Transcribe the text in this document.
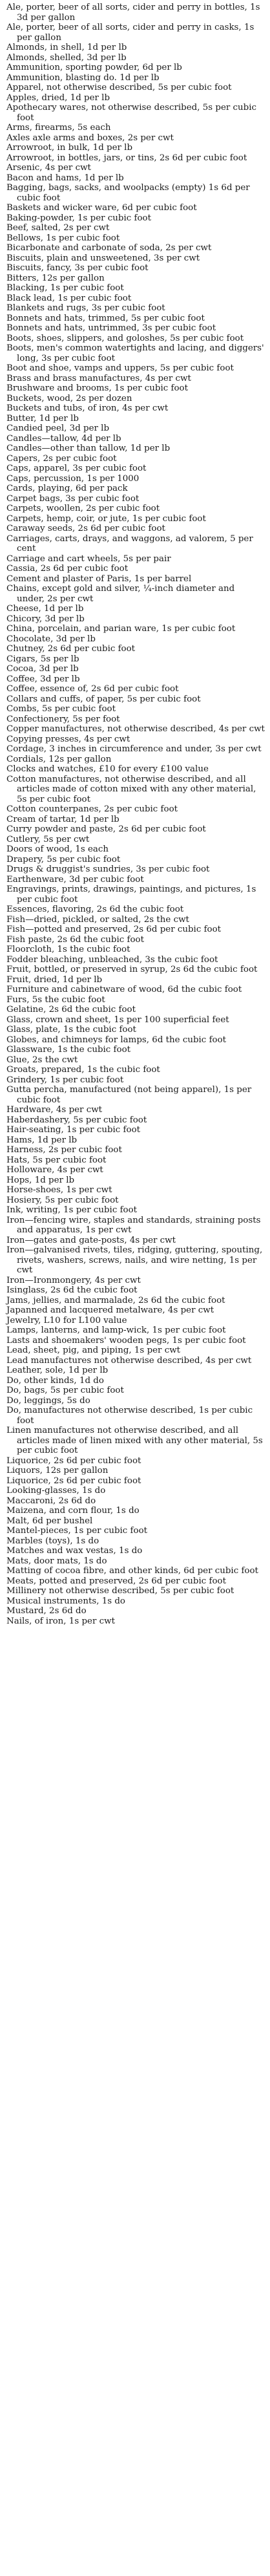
Ale, porter, beer of all sorts, cider and perry in bottles, 1s 3d per gallon

Ale, porter, beer of all sorts, cider and perry in casks, 1s per gallon

Almonds, in shell, 1d per lb

Almonds, shelled, 3d per lb

Ammunition, sporting powder, 6d per lb

Ammunition, blasting do. 1d per lb

Apparel, not otherwise described, 5s per cubic foot

Apples, dried, 1d per lb

Apothecary wares, not otherwise described, 5s per cubic foot

Arms, firearms, 5s each

Axles axle arms and boxes, 2s per cwt

Arrowroot, in bulk, 1d per lb

Arrowroot, in bottles, jars, or tins, 2s 6d per cubic foot

Arsenic, 4s per cwt

Bacon and hams, 1d per lb

Bagging, bags, sacks, and woolpacks (empty) 1s 6d per cubic foot

Baskets and wicker ware, 6d per cubic foot

Baking-powder, 1s per cubic foot

Beef, salted, 2s per cwt

Bellows, 1s per cubic foot

Bicarbonate and carbonate of soda, 2s per cwt

Biscuits, plain and unsweetened, 3s per cwt

Biscuits, fancy, 3s per cubic foot

Bitters, 12s per gallon

Blacking, 1s per cubic foot

Black lead, 1s per cubic foot

Blankets and rugs, 3s per cubic foot

Bonnets and hats, trimmed, 5s per cubic foot

Bonnets and hats, untrimmed, 3s per cubic foot

Boots, shoes, slippers, and goloshes, 5s per cubic foot

Boots, men's common watertights and lacing, and diggers' long, 3s per cubic foot

Boot and shoe, vamps and uppers, 5s per cubic foot

Brass and brass manufactures, 4s per cwt

Brushware and brooms, 1s per cubic foot

Buckets, wood, 2s per dozen

Buckets and tubs, of iron, 4s per cwt

Butter, 1d per lb

Candied peel, 3d per lb

Candles—tallow, 4d per lb

Candles—other than tallow, 1d per lb

Capers, 2s per cubic foot

Caps, apparel, 3s per cubic foot

Caps, percussion, 1s per 1000

Cards, playing, 6d per pack

Carpet bags, 3s per cubic foot

Carpets, woollen, 2s per cubic foot

Carpets, hemp, coir, or jute, 1s per cubic foot

Caraway seeds, 2s 6d per cubic foot

Carriages, carts, drays, and waggons, ad valorem, 5 per cent

Carriage and cart wheels, 5s per pair

Cassia, 2s 6d per cubic foot

Cement and plaster of Paris, 1s per barrel

Chains, except gold and silver, ¼-inch diameter and under, 2s per cwt

Cheese, 1d per lb

Chicory, 3d per lb

China, porcelain, and parian ware, 1s per cubic foot

Chocolate, 3d per lb

Chutney, 2s 6d per cubic foot

Cigars, 5s per lb

Cocoa, 3d per lb

Coffee, 3d per lb

Coffee, essence of, 2s 6d per cubic foot

Collars and cuffs, of paper, 5s per cubic foot

Combs, 5s per cubic foot

Confectionery, 5s per foot

Copper manufactures, not otherwise described, 4s per cwt

Copying presses, 4s per cwt

Cordage, 3 inches in circumference and under, 3s per cwt

Cordials, 12s per gallon

Clocks and watches, £10 for every £100 value

Cotton manufactures, not otherwise described, and all articles made of cotton mixed with any other material, 5s per cubic foot

Cotton counterpanes, 2s per cubic foot

Cream of tartar, 1d per lb

Curry powder and paste, 2s 6d per cubic foot

Cutlery, 5s per cwt

Doors of wood, 1s each

Drapery, 5s per cubic foot

Drugs & druggist's sundries, 3s per cubic foot

Earthenware, 3d per cubic foot

Engravings, prints, drawings, paintings, and pictures, 1s per cubic foot

Essences, flavoring, 2s 6d the cubic foot

Fish—dried, pickled, or salted, 2s the cwt

Fish—potted and preserved, 2s 6d per cubic foot

Fish paste, 2s 6d the cubic foot

Floorcloth, 1s the cubic foot

Fodder bleaching, unbleached, 3s the cubic foot

Fruit, bottled, or preserved in syrup, 2s 6d the cubic foot

Fruit, dried, 1d per lb

Furniture and cabinetware of wood, 6d the cubic foot

Furs, 5s the cubic foot

Gelatine, 2s 6d the cubic foot

Glass, crown and sheet, 1s per 100 superficial feet

Glass, plate, 1s the cubic foot

Globes, and chimneys for lamps, 6d the cubic foot

Glassware, 1s the cubic foot

Glue, 2s the cwt

Groats, prepared, 1s the cubic foot

Grindery, 1s per cubic foot

Gutta percha, manufactured (not being apparel), 1s per cubic foot

Hardware, 4s per cwt

Haberdashery, 5s per cubic foot

Hair-seating, 1s per cubic foot

Hams, 1d per lb

Harness, 2s per cubic foot

Hats, 5s per cubic foot

Holloware, 4s per cwt

Hops, 1d per lb

Horse-shoes, 1s per cwt

Hosiery, 5s per cubic foot

Ink, writing, 1s per cubic foot

Iron—fencing wire, staples and standards, straining posts and apparatus, 1s per cwt

Iron—gates and gate-posts, 4s per cwt

Iron—galvanised rivets, tiles, ridging, guttering, spouting, rivets, washers, screws, nails, and wire netting, 1s per cwt

Iron—Ironmongery, 4s per cwt

Isinglass, 2s 6d the cubic foot

Jams, jellies, and marmalade, 2s 6d the cubic foot

Japanned and lacquered metalware, 4s per cwt

Jewelry, L10 for L100 value

Lamps, lanterns, and lamp-wick, 1s per cubic foot

Lasts and shoemakers' wooden pegs, 1s per cubic foot

Lead, sheet, pig, and piping, 1s per cwt

Lead manufactures not otherwise described, 4s per cwt

Leather, sole, 1d per lb

Do, other kinds, 1d do

Do, bags, 5s per cubic foot

Do, leggings, 5s do

Do, manufactures not otherwise described, 1s per cubic foot

Linen manufactures not otherwise described, and all articles made of linen mixed with any other material, 5s per cubic foot

Liquorice, 2s 6d per cubic foot

Liquors, 12s per gallon

Liquorice, 2s 6d per cubic foot

Looking-glasses, 1s do

Maccaroni, 2s 6d do

Maizena, and corn flour, 1s do

Malt, 6d per bushel

Mantel-pieces, 1s per cubic foot

Marbles (toys), 1s do

Matches and wax vestas, 1s do

Mats, door mats, 1s do

Matting of cocoa fibre, and other kinds, 6d per cubic foot

Meats, potted and preserved, 2s 6d per cubic foot

Millinery not otherwise described, 5s per cubic foot

Musical instruments, 1s do

Mustard, 2s 6d do

Nails, of iron, 1s per cwt
